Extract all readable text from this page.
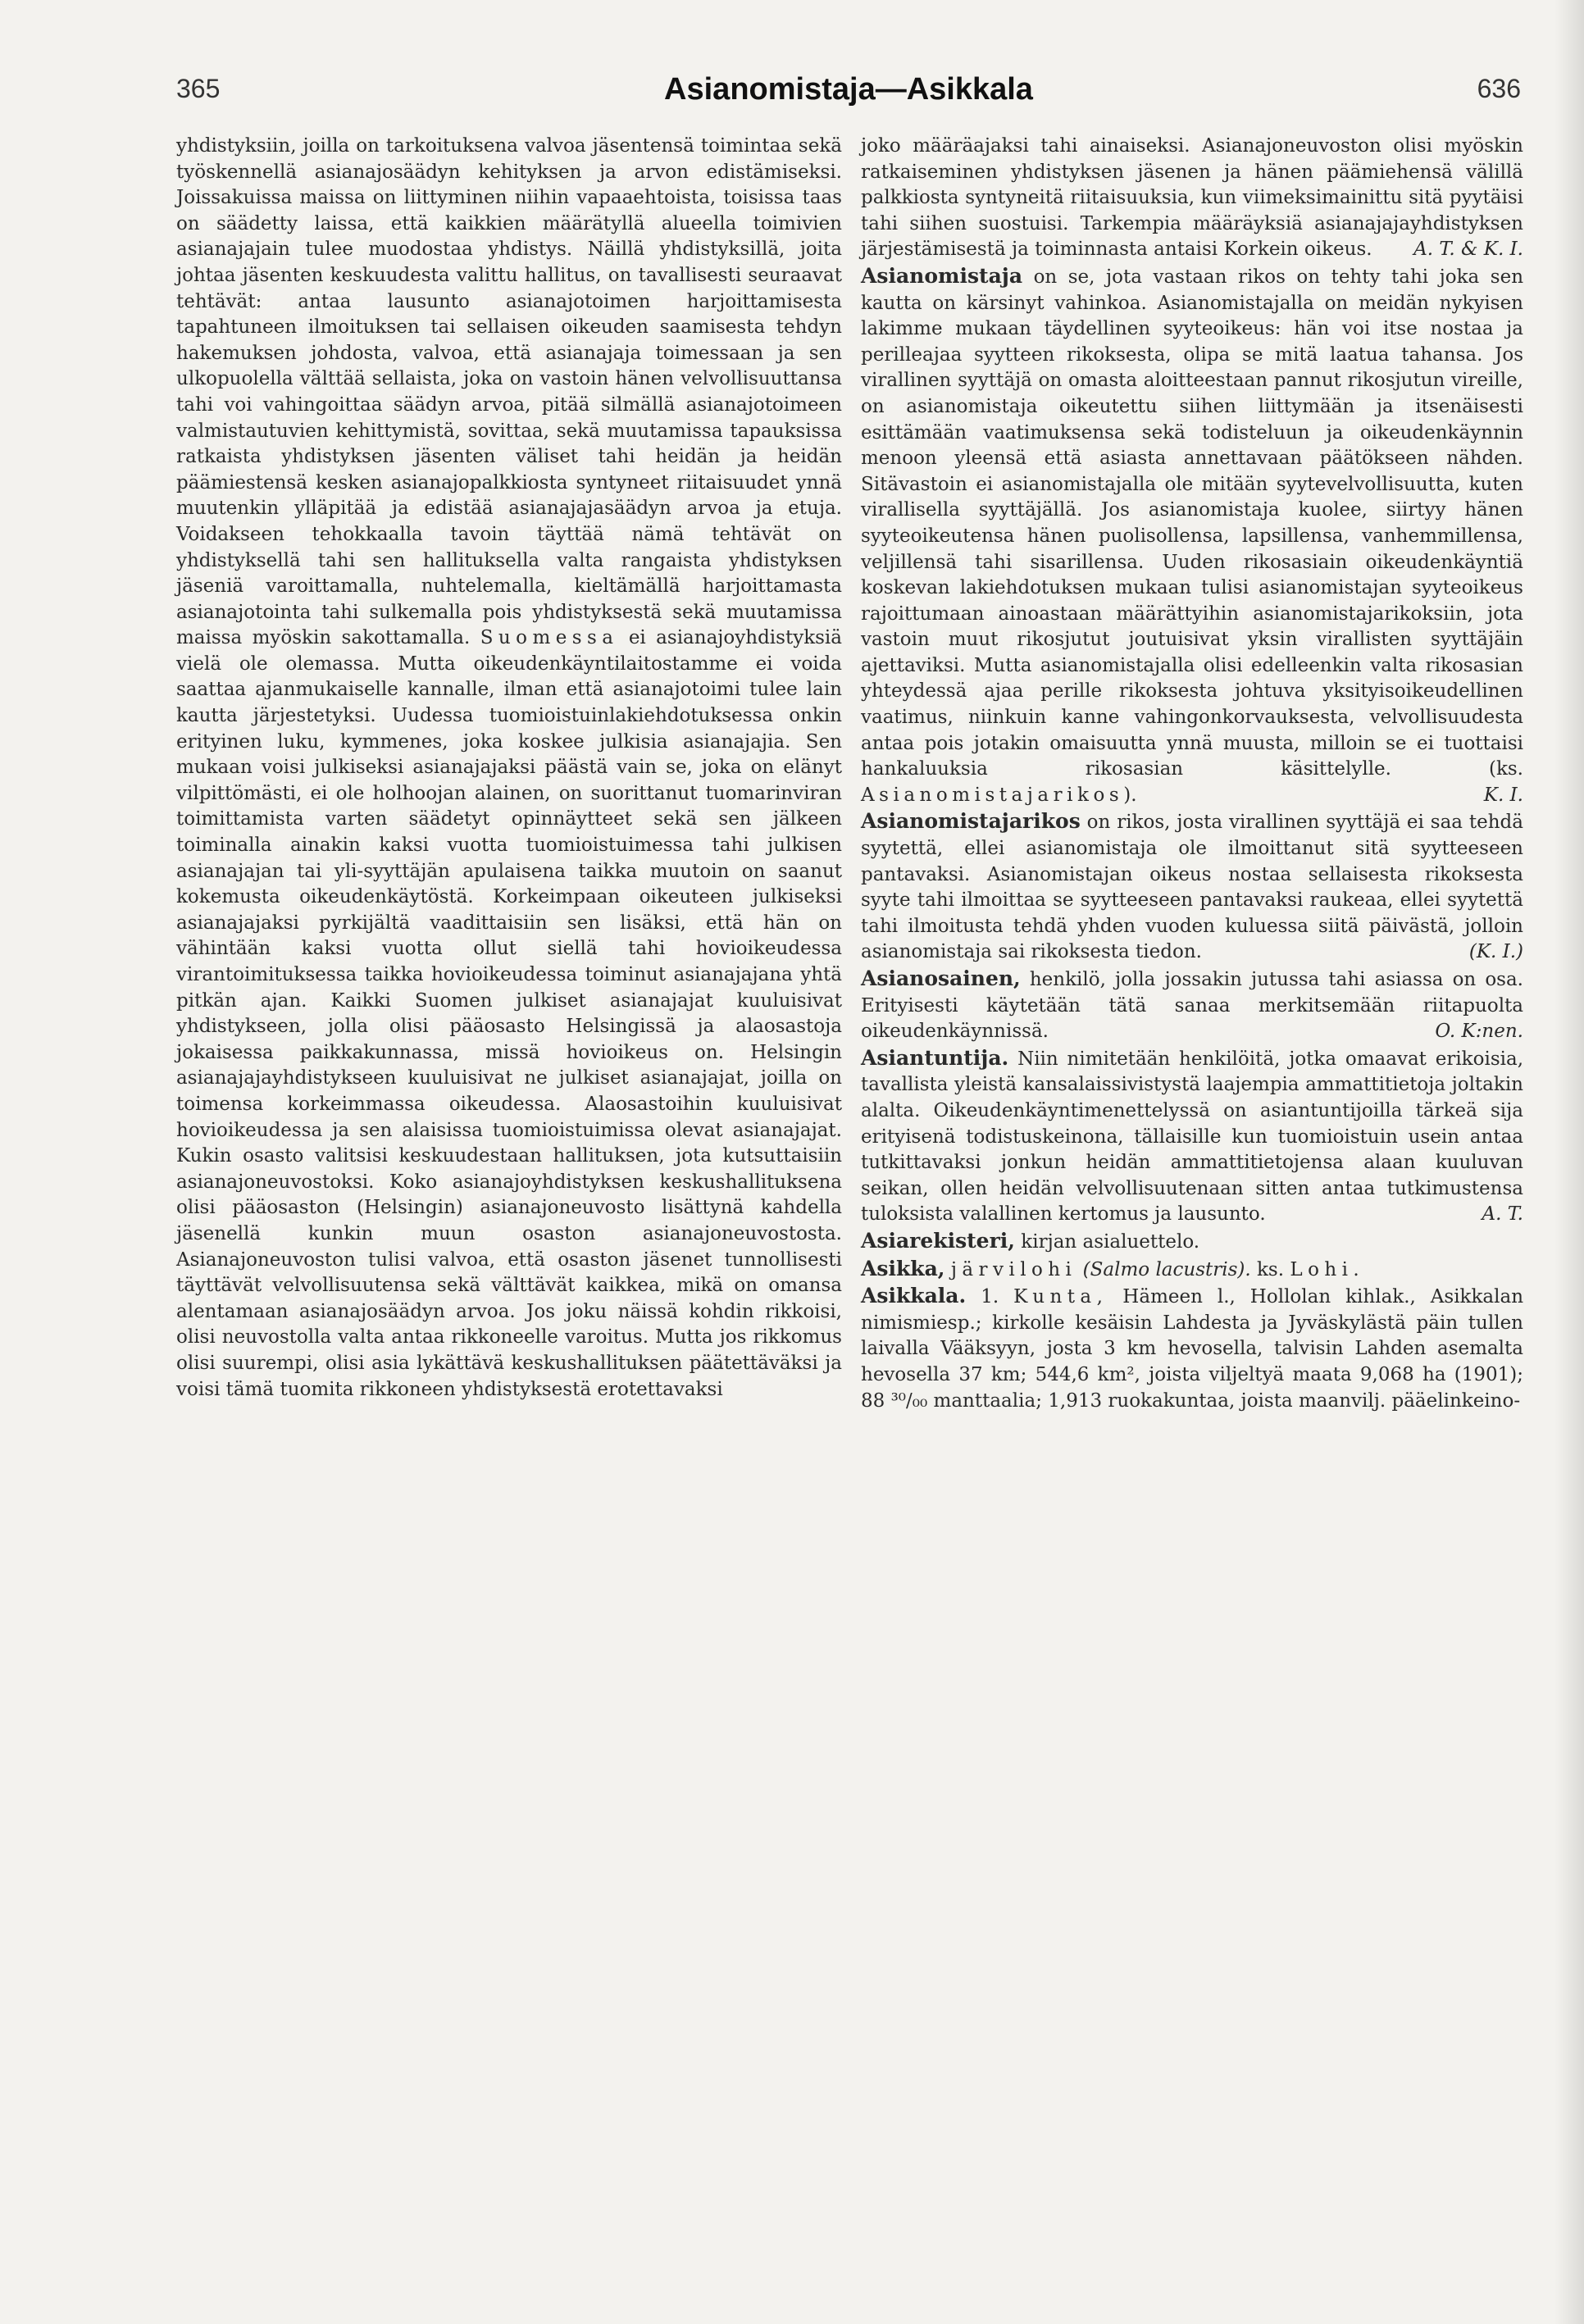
365	Asianomistaja—Asikkala	636

yhdistyksiin, joilla on tarkoituksena valvoa jäsentensä toimintaa sekä työskennellä asianajosäädyn kehityksen ja arvon edistämiseksi. Joissakuissa maissa on liittyminen niihin vapaaehtoista, toisissa taas on säädetty laissa, että kaikkien määrätyllä alueella toimivien asianajajain tulee muodostaa yhdistys. Näillä yhdistyksillä, joita johtaa jäsenten keskuudesta valittu hallitus, on tavallisesti seuraavat tehtävät: antaa lausunto asianajotoimen harjoittamisesta tapahtuneen ilmoituksen tai sellaisen oikeuden saamisesta tehdyn hakemuksen johdosta, valvoa, että asianajaja toimessaan ja sen ulkopuolella välttää sellaista, joka on vastoin hänen velvollisuuttansa tahi voi vahingoittaa säädyn arvoa, pitää silmällä asianajotoimeen valmistautuvien kehittymistä, sovittaa, sekä muutamissa tapauksissa ratkaista yhdistyksen jäsenten väliset tahi heidän ja heidän päämiestensä kesken asianajopalkkiosta syntyneet riitaisuudet ynnä muutenkin ylläpitää ja edistää asianajajasäädyn arvoa ja etuja. Voidakseen tehokkaalla tavoin täyttää nämä tehtävät on yhdistyksellä tahi sen hallituksella valta rangaista yhdistyksen jäseniä varoittamalla, nuhtelemalla, kieltämällä harjoittamasta asianajotointa tahi sulkemalla pois yhdistyksestä sekä muutamissa maissa myöskin sakottamalla. Suomessa ei asianajoyhdistyksiä vielä ole olemassa. Mutta oikeudenkäyntilaitostamme ei voida saattaa ajanmukaiselle kannalle, ilman että asianajotoimi tulee lain kautta järjestetyksi. Uudessa tuomioistuinlakiehdotuksessa onkin erityinen luku, kymmenes, joka koskee julkisia asianajajia. Sen mukaan voisi julkiseksi asianajajaksi päästä vain se, joka on elänyt vilpittömästi, ei ole holhoojan alainen, on suorittanut tuomarinviran toimittamista varten säädetyt opinnäytteet sekä sen jälkeen toiminalla ainakin kaksi vuotta tuomioistuimessa tahi julkisen asianajajan tai yli-syyttäjän apulaisena taikka muutoin on saanut kokemusta oikeudenkäytöstä. Korkeimpaan oikeuteen julkiseksi asianajajaksi pyrkijältä vaadittaisiin sen lisäksi, että hän on vähintään kaksi vuotta ollut siellä tahi hovioikeudessa virantoimituksessa taikka hovioikeudessa toiminut asianajajana yhtä pitkän ajan. Kaikki Suomen julkiset asianajajat kuuluisivat yhdistykseen, jolla olisi pääosasto Helsingissä ja alaosastoja jokaisessa paikkakunnassa, missä hovioikeus on. Helsingin asianajajayhdistykseen kuuluisivat ne julkiset asianajajat, joilla on toimensa korkeimmassa oikeudessa. Alaosastoihin kuuluisivat hovioikeudessa ja sen alaisissa tuomioistuimissa olevat asianajajat. Kukin osasto valitsisi keskuudestaan hallituksen, jota kutsuttaisiin asianajoneuvostoksi. Koko asianajoyhdistyksen keskushallituksena olisi pääosaston (Helsingin) asianajoneuvosto lisättynä kahdella jäsenellä kunkin muun osaston asianajoneuvostosta. Asianajoneuvoston tulisi valvoa, että osaston jäsenet tunnollisesti täyttävät velvollisuutensa sekä välttävät kaikkea, mikä on omansa alentamaan asianajosäädyn arvoa. Jos joku näissä kohdin rikkoisi, olisi neuvostolla valta antaa rikkoneelle varoitus. Mutta jos rikkomus olisi suurempi, olisi asia lykättävä keskushallituksen päätettäväksi ja voisi tämä tuomita rikkoneen yhdistyksestä erotettavaksi

joko määräajaksi tahi ainaiseksi. Asianajoneuvoston olisi myöskin ratkaiseminen yhdistyksen jäsenen ja hänen päämiehensä välillä palkkiosta syntyneitä riitaisuuksia, kun viimeksimainittu sitä pyytäisi tahi siihen suostuisi. Tarkempia määräyksiä asianajajayhdistyksen järjestämisestä ja toiminnasta antaisi Korkein oikeus. A. T. & K. I.

Asianomistaja on se, jota vastaan rikos on tehty tahi joka sen kautta on kärsinyt vahinkoa. Asianomistajalla on meidän nykyisen lakimme mukaan täydellinen syyteoikeus: hän voi itse nostaa ja perilleajaa syytteen rikoksesta, olipa se mitä laatua tahansa. Jos virallinen syyttäjä on omasta aloitteestaan pannut rikosjutun vireille, on asianomistaja oikeutettu siihen liittymään ja itsenäisesti esittämään vaatimuksensa sekä todisteluun ja oikeudenkäynnin menoon yleensä että asiasta annettavaan päätökseen nähden. Sitävastoin ei asianomistajalla ole mitään syytevelvollisuutta, kuten virallisella syyttäjällä. Jos asianomistaja kuolee, siirtyy hänen syyteoikeutensa hänen puolisollensa, lapsillensa, vanhemmillensa, veljillensä tahi sisarillensa. Uuden rikosasiain oikeudenkäyntiä koskevan lakiehdotuksen mukaan tulisi asianomistajan syyteoikeus rajoittumaan ainoastaan määrättyihin asianomistajarikoksiin, jota vastoin muut rikosjutut joutuisivat yksin virallisten syyttäjäin ajettaviksi. Mutta asianomistajalla olisi edelleenkin valta rikosasian yhteydessä ajaa perille rikoksesta johtuva yksityisoikeudellinen vaatimus, niinkuin kanne vahingonkorvauksesta, velvollisuudesta antaa pois jotakin omaisuutta ynnä muusta, milloin se ei tuottaisi hankaluuksia rikosasian käsittelylle. (ks. Asianomistajarikos).	K. I.

Asianomistajarikos on rikos, josta virallinen syyttäjä ei saa tehdä syytettä, ellei asianomistaja ole ilmoittanut sitä syytteeseen pantavaksi. Asianomistajan oikeus nostaa sellaisesta rikoksesta syyte tahi ilmoittaa se syytteeseen pantavaksi raukeaa, ellei syytettä tahi ilmoitusta tehdä yhden vuoden kuluessa siitä päivästä, jolloin asianomistaja sai rikoksesta tiedon.	(K. I.)

Asianosainen, henkilö, jolla jossakin jutussa tahi asiassa on osa. Erityisesti käytetään tätä sanaa merkitsemään riitapuolta oikeudenkäynnissä.	O. K:nen.

Asiantuntija. Niin nimitetään henkilöitä, jotka omaavat erikoisia, tavallista yleistä kansalaissivistystä laajempia ammattitietoja joltakin alalta. Oikeudenkäyntimenettelyssä on asiantuntijoilla tärkeä sija erityisenä todistuskeinona, tällaisille kun tuomioistuin usein antaa tutkittavaksi jonkun heidän ammattitietojensa alaan kuuluvan seikan, ollen heidän velvollisuutenaan sitten antaa tutkimustensa tuloksista valallinen kertomus ja lausunto.	A. T.

Asiarekisteri, kirjan asialuettelo.

Asikka, järvilohi (Salmo lacustris). ks. Lohi.

Asikkala. 1. Kunta, Hämeen l., Hollolan kihlak., Asikkalan nimismiesp.; kirkolle kesäisin Lahdesta ja Jyväskylästä päin tullen laivalla Vääksyyn, josta 3 km hevosella, talvisin Lahden asemalta hevosella 37 km; 544,6 km², joista viljeltyä maata 9,068 ha (1901); 88 ³⁰/₀₀ manttaalia; 1,913 ruokakuntaa, joista maanvilj. pääelinkeino-
